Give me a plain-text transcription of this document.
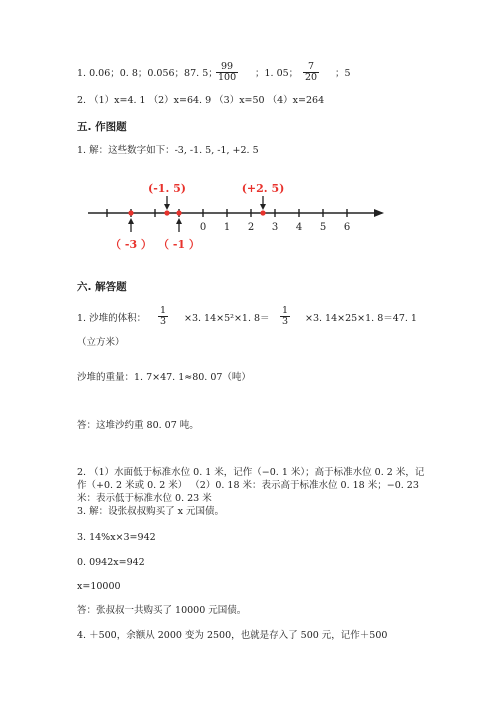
1. 0.06；0. 8；0.056；87. 5；
$\frac{99}{100}$ ；1. 05； $\frac{7}{20}$ ；5
2. （1）x=4. 1 （2）x=64. 9 （3）x=50 （4）x=264
五. 作图题
1. 解：这些数字如下：-3, -1. 5, -1, +2. 5
0 1 2 3 4 5 6
(-1. 5)	(+2. 5)
（ -3 ） （ -1 ）
六. 解答题
1. 沙堆的体积： $\frac{1}{3} \times 3$. 14×5²×1. $8= \frac{1}{3} \times 3$. 14×25×1. 8＝47. 1
（立方米）
沙堆的重量：1. 7×47. 1≈80. 07（吨）
答：这堆沙约重 80. 07 吨。
2. （1）水面低于标准水位 0. 1 米，记作（−0. 1 米）；高于标准水位 0. 2 米，记
作（+0. 2 米或 0. 2 米） （2）0. 18 米：表示高于标准水位 0. 18 米；−0. 23
米：表示低于标准水位 0. 23 米
3. 解：设张叔叔购买了 x 元国债。
3. 14%x×3=942
0. 0942x=942
x=10000
答：张叔叔一共购买了 10000 元国债。
4. ＋500，余额从 2000 变为 2500，也就是存入了 500 元，记作＋500
